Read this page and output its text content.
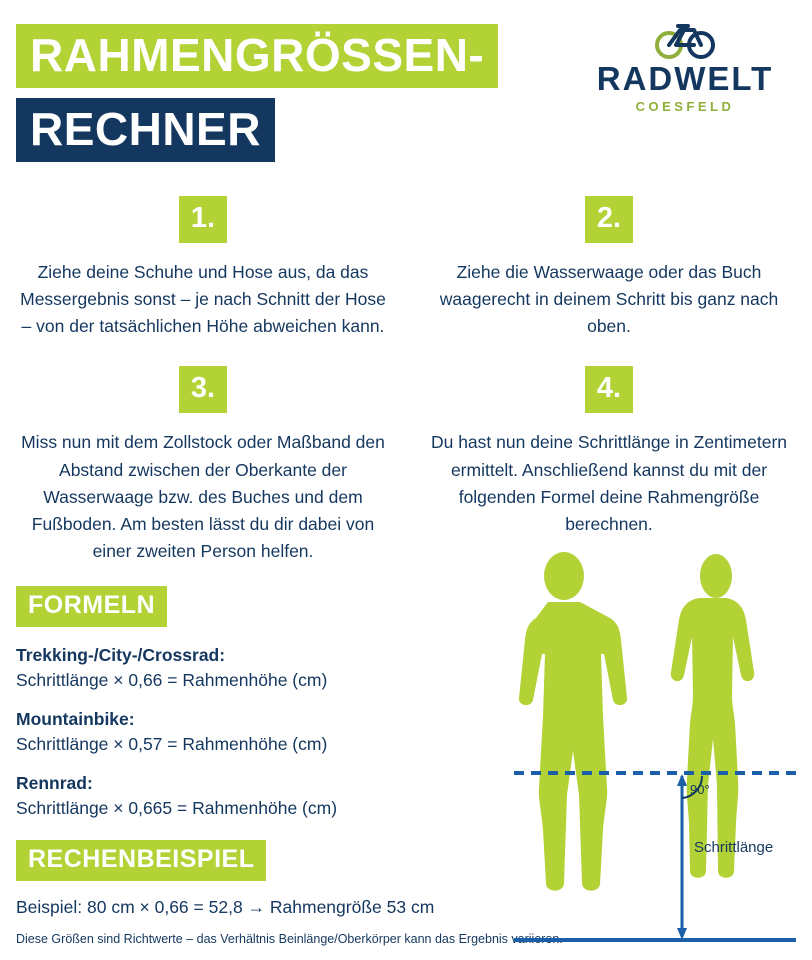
RAHMENGRÖSSEN-
RECHNER
RADWELT
COESFELD
1.
Ziehe deine Schuhe und Hose aus, da das Messergebnis sonst – je nach Schnitt der Hose – von der tatsächlichen Höhe abweichen kann.
2.
Ziehe die Wasserwaage oder das Buch waagerecht in deinem Schritt bis ganz nach oben.
3.
Miss nun mit dem Zollstock oder Maßband den Abstand zwischen der Oberkante der Wasserwaage bzw. des Buches und dem Fußboden. Am besten lässt du dir dabei von einer zweiten Person helfen.
4.
Du hast nun deine Schrittlänge in Zentimetern ermittelt. Anschließend kannst du mit der folgenden Formel deine Rahmengröße berechnen.
FORMELN
Trekking-/City-/Crossrad:
Schrittlänge × 0,66 = Rahmenhöhe (cm)
Mountainbike:
Schrittlänge × 0,57 = Rahmenhöhe (cm)
Rennrad:
Schrittlänge × 0,665 = Rahmenhöhe (cm)
RECHENBEISPIEL
Beispiel: 80 cm × 0,66 = 52,8 → Rahmengröße 53 cm
Diese Größen sind Richtwerte – das Verhältnis Beinlänge/Oberkörper kann das Ergebnis variieren.
90°
Schrittlänge
